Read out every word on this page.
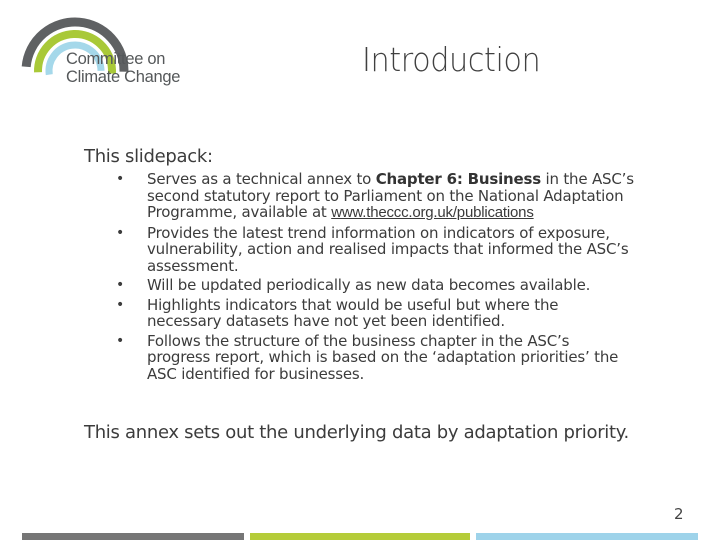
Committee on
Climate Change	Introduction
This slidepack:
• Serves as a technical annex to Chapter 6: Business in the ASC’s second statutory report to Parliament on the National Adaptation Programme, available at www.theccc.org.uk/publications
• Provides the latest trend information on indicators of exposure, vulnerability, action and realised impacts that informed the ASC’s assessment.
• Will be updated periodically as new data becomes available.
• Highlights indicators that would be useful but where the necessary datasets have not yet been identified.
• Follows the structure of the business chapter in the ASC’s progress report, which is based on the ‘adaptation priorities’ the ASC identified for businesses.
This annex sets out the underlying data by adaptation priority.
2
